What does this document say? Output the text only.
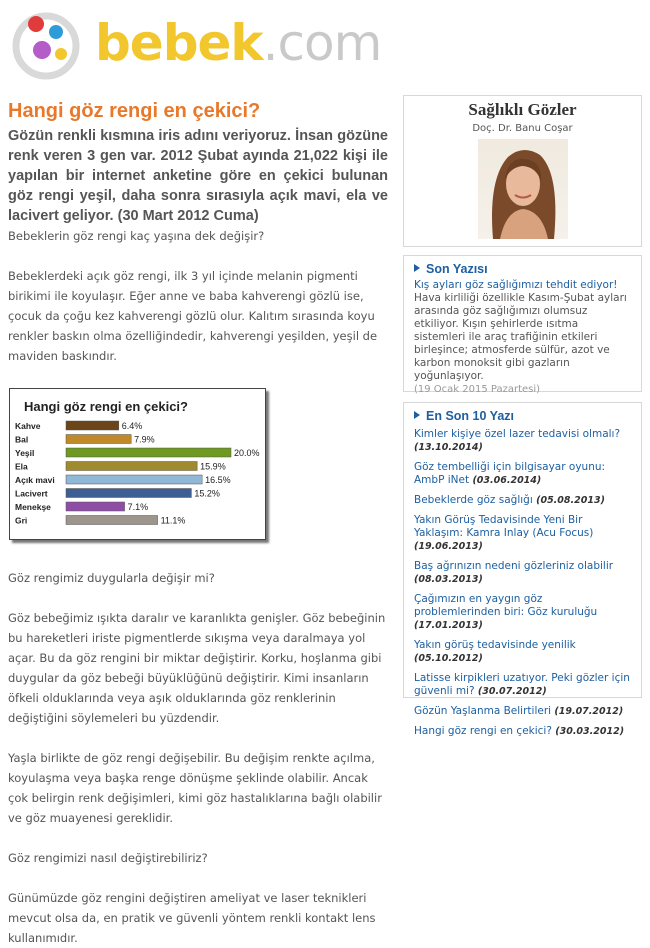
bebek.com
Hangi göz rengi en çekici?

Gözün renkli kısmına iris adını veriyoruz. İnsan gözüne renk veren 3 gen var. 2012 Şubat ayında 21,022 kişi ile yapılan bir internet anketine göre en çekici bulunan göz rengi yeşil, daha sonra sırasıyla açık mavi, ela ve lacivert geliyor. (30 Mart 2012 Cuma)

Bebeklerin göz rengi kaç yaşına dek değişir?

Bebeklerdeki açık göz rengi, ilk 3 yıl içinde melanin pigmenti birikimi ile koyulaşır. Eğer anne ve baba kahverengi gözlü ise, çocuk da çoğu kez kahverengi gözlü olur. Kalıtım sırasında koyu renkler baskın olma özelliğindedir, kahverengi yeşilden, yeşil de maviden baskındır.

Hangi göz rengi en çekici?
Kahve	6.4%
Bal	7.9%
Yeşil	20.0%
Ela	15.9%
Açık mavi	16.5%
Lacivert	15.2%
Menekşe	7.1%
Gri	11.1%

Göz rengimiz duygularla değişir mi?

Göz bebeğimiz ışıkta daralır ve karanlıkta genişler. Göz bebeğinin bu hareketleri iriste pigmentlerde sıkışma veya daralmaya yol açar. Bu da göz rengini bir miktar değiştirir. Korku, hoşlanma gibi duygular da göz bebeği büyüklüğünü değiştirir. Kimi insanların öfkeli olduklarında veya aşık olduklarında göz renklerinin değiştiğini söylemeleri bu yüzdendir.

Yaşla birlikte de göz rengi değişebilir. Bu değişim renkte açılma, koyulaşma veya başka renge dönüşme şeklinde olabilir. Ancak çok belirgin renk değişimleri, kimi göz hastalıklarına bağlı olabilir ve göz muayenesi gereklidir.

Göz rengimizi nasıl değiştirebiliriz?

Günümüzde göz rengini değiştiren ameliyat ve laser teknikleri mevcut olsa da, en pratik ve güvenli yöntem renkli kontakt lens kullanımıdır.

Sağlıklı Gözler
Doç. Dr. Banu Coşar
Son Yazısı
Kış ayları göz sağlığımızı tehdit ediyor!
Hava kirliliği özellikle Kasım-Şubat ayları arasında göz sağlığımızı olumsuz etkiliyor. Kışın şehirlerde ısıtma sistemleri ile araç trafiğinin etkileri birleşince; atmosferde sülfür, azot ve karbon monoksit gibi gazların yoğunlaşıyor.
(19 Ocak 2015 Pazartesi)
En Son 10 Yazı
Kimler kişiye özel lazer tedavisi olmalı? (13.10.2014)
Göz tembelliği için bilgisayar oyunu: AmbP iNet (03.06.2014)
Bebeklerde göz sağlığı (05.08.2013)
Yakın Görüş Tedavisinde Yeni Bir Yaklaşım: Kamra Inlay (Acu Focus) (19.06.2013)
Baş ağrınızın nedeni gözleriniz olabilir (08.03.2013)
Çağımızın en yaygın göz problemlerinden biri: Göz kuruluğu (17.01.2013)
Yakın görüş tedavisinde yenilik (05.10.2012)
Latisse kirpikleri uzatıyor. Peki gözler için güvenli mi? (30.07.2012)
Gözün Yaşlanma Belirtileri (19.07.2012)
Hangi göz rengi en çekici? (30.03.2012)
